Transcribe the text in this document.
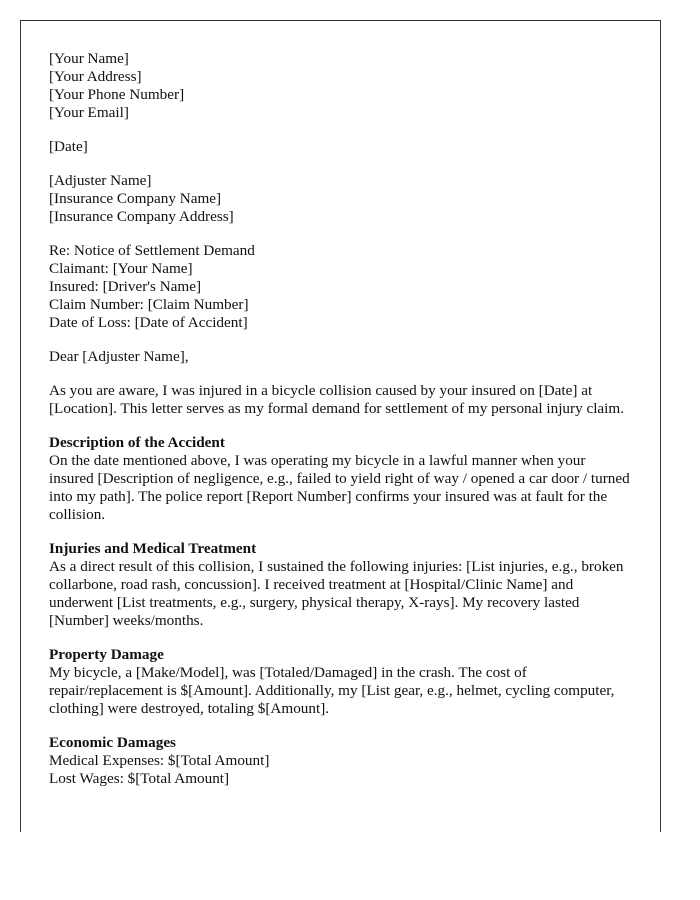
[Your Name]
[Your Address]
[Your Phone Number]
[Your Email]
[Date]
[Adjuster Name]
[Insurance Company Name]
[Insurance Company Address]
Re: Notice of Settlement Demand
Claimant: [Your Name]
Insured: [Driver's Name]
Claim Number: [Claim Number]
Date of Loss: [Date of Accident]
Dear [Adjuster Name],

As you are aware, I was injured in a bicycle collision caused by your insured on [Date] at [Location]. This letter serves as my formal demand for settlement of my personal injury claim.

Description of the Accident

On the date mentioned above, I was operating my bicycle in a lawful manner when your insured [Description of negligence, e.g., failed to yield right of way / opened a car door / turned into my path]. The police report [Report Number] confirms your insured was at fault for the collision.

Injuries and Medical Treatment

As a direct result of this collision, I sustained the following injuries: [List injuries, e.g., broken collarbone, road rash, concussion]. I received treatment at [Hospital/Clinic Name] and underwent [List treatments, e.g., surgery, physical therapy, X-rays]. My recovery lasted [Number] weeks/months.

Property Damage

My bicycle, a [Make/Model], was [Totaled/Damaged] in the crash. The cost of repair/replacement is $[Amount]. Additionally, my [List gear, e.g., helmet, cycling computer, clothing] were destroyed, totaling $[Amount].

Economic Damages
Medical Expenses: $[Total Amount]
Lost Wages: $[Total Amount]
